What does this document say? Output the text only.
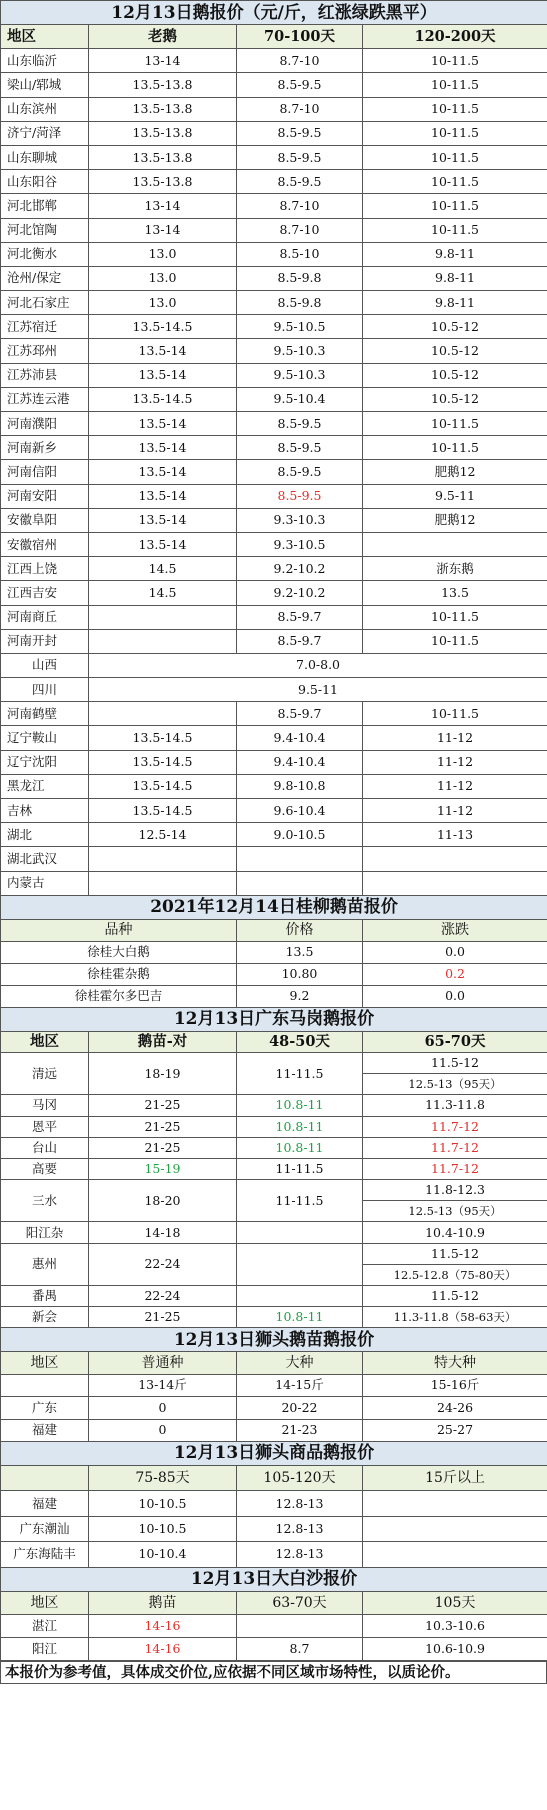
12月13日鹅报价（元/斤，红涨绿跌黑平）			
地区	老鹅	70-100天	120-200天
山东临沂	13-14	8.7-10	10-11.5
梁山/郓城	13.5-13.8	8.5-9.5	10-11.5
山东滨州	13.5-13.8	8.7-10	10-11.5
济宁/菏泽	13.5-13.8	8.5-9.5	10-11.5
山东聊城	13.5-13.8	8.5-9.5	10-11.5
山东阳谷	13.5-13.8	8.5-9.5	10-11.5
河北邯郸	13-14	8.7-10	10-11.5
河北馆陶	13-14	8.7-10	10-11.5
河北衡水	13.0	8.5-10	9.8-11
沧州/保定	13.0	8.5-9.8	9.8-11
河北石家庄	13.0	8.5-9.8	9.8-11
江苏宿迁	13.5-14.5	9.5-10.5	10.5-12
江苏邳州	13.5-14	9.5-10.3	10.5-12
江苏沛县	13.5-14	9.5-10.3	10.5-12
江苏连云港	13.5-14.5	9.5-10.4	10.5-12
河南濮阳	13.5-14	8.5-9.5	10-11.5
河南新乡	13.5-14	8.5-9.5	10-11.5
河南信阳	13.5-14	8.5-9.5	肥鹅12
河南安阳	13.5-14	8.5-9.5	9.5-11
安徽阜阳	13.5-14	9.3-10.3	肥鹅12
安徽宿州	13.5-14	9.3-10.5	
江西上饶	14.5	9.2-10.2	浙东鹅
江西吉安	14.5	9.2-10.2	13.5
河南商丘		8.5-9.7	10-11.5
河南开封		8.5-9.7	10-11.5
山西	7.0-8.0		
四川	9.5-11		
河南鹤壁		8.5-9.7	10-11.5
辽宁鞍山	13.5-14.5	9.4-10.4	11-12
辽宁沈阳	13.5-14.5	9.4-10.4	11-12
黑龙江	13.5-14.5	9.8-10.8	11-12
吉林	13.5-14.5	9.6-10.4	11-12
湖北	12.5-14	9.0-10.5	11-13
湖北武汉			
内蒙古			
2021年12月14日桂柳鹅苗报价			
品种		价格	涨跌
徐桂大白鹅		13.5	0.0
徐桂霍杂鹅		10.80	0.2
徐桂霍尔多巴吉		9.2	0.0
12月13日广东马岗鹅报价			
地区	鹅苗-对	48-50天	65-70天
清远	18-19	11-11.5	11.5-12
			12.5-13（95天）
马冈	21-25	10.8-11	11.3-11.8
恩平	21-25	10.8-11	11.7-12
台山	21-25	10.8-11	11.7-12
高要	15-19	11-11.5	11.7-12
三水	18-20	11-11.5	11.8-12.3
			12.5-13（95天）
阳江杂	14-18		10.4-10.9
惠州	22-24		11.5-12
			12.5-12.8（75-80天）
番禺	22-24		11.5-12
新会	21-25	10.8-11	11.3-11.8（58-63天）
12月13日狮头鹅苗鹅报价			
地区	普通种	大种	特大种
	13-14斤	14-15斤	15-16斤
广东	0	20-22	24-26
福建	0	21-23	25-27
12月13日狮头商品鹅报价			
	75-85天	105-120天	15斤以上
福建	10-10.5	12.8-13	
广东潮汕	10-10.5	12.8-13	
广东海陆丰	10-10.4	12.8-13	
12月13日大白沙报价			
地区	鹅苗	63-70天	105天
湛江	14-16		10.3-10.6
阳江	14-16	8.7	10.6-10.9
本报价为参考值，具体成交价位,应依据不同区域市场特性，以质论价。
